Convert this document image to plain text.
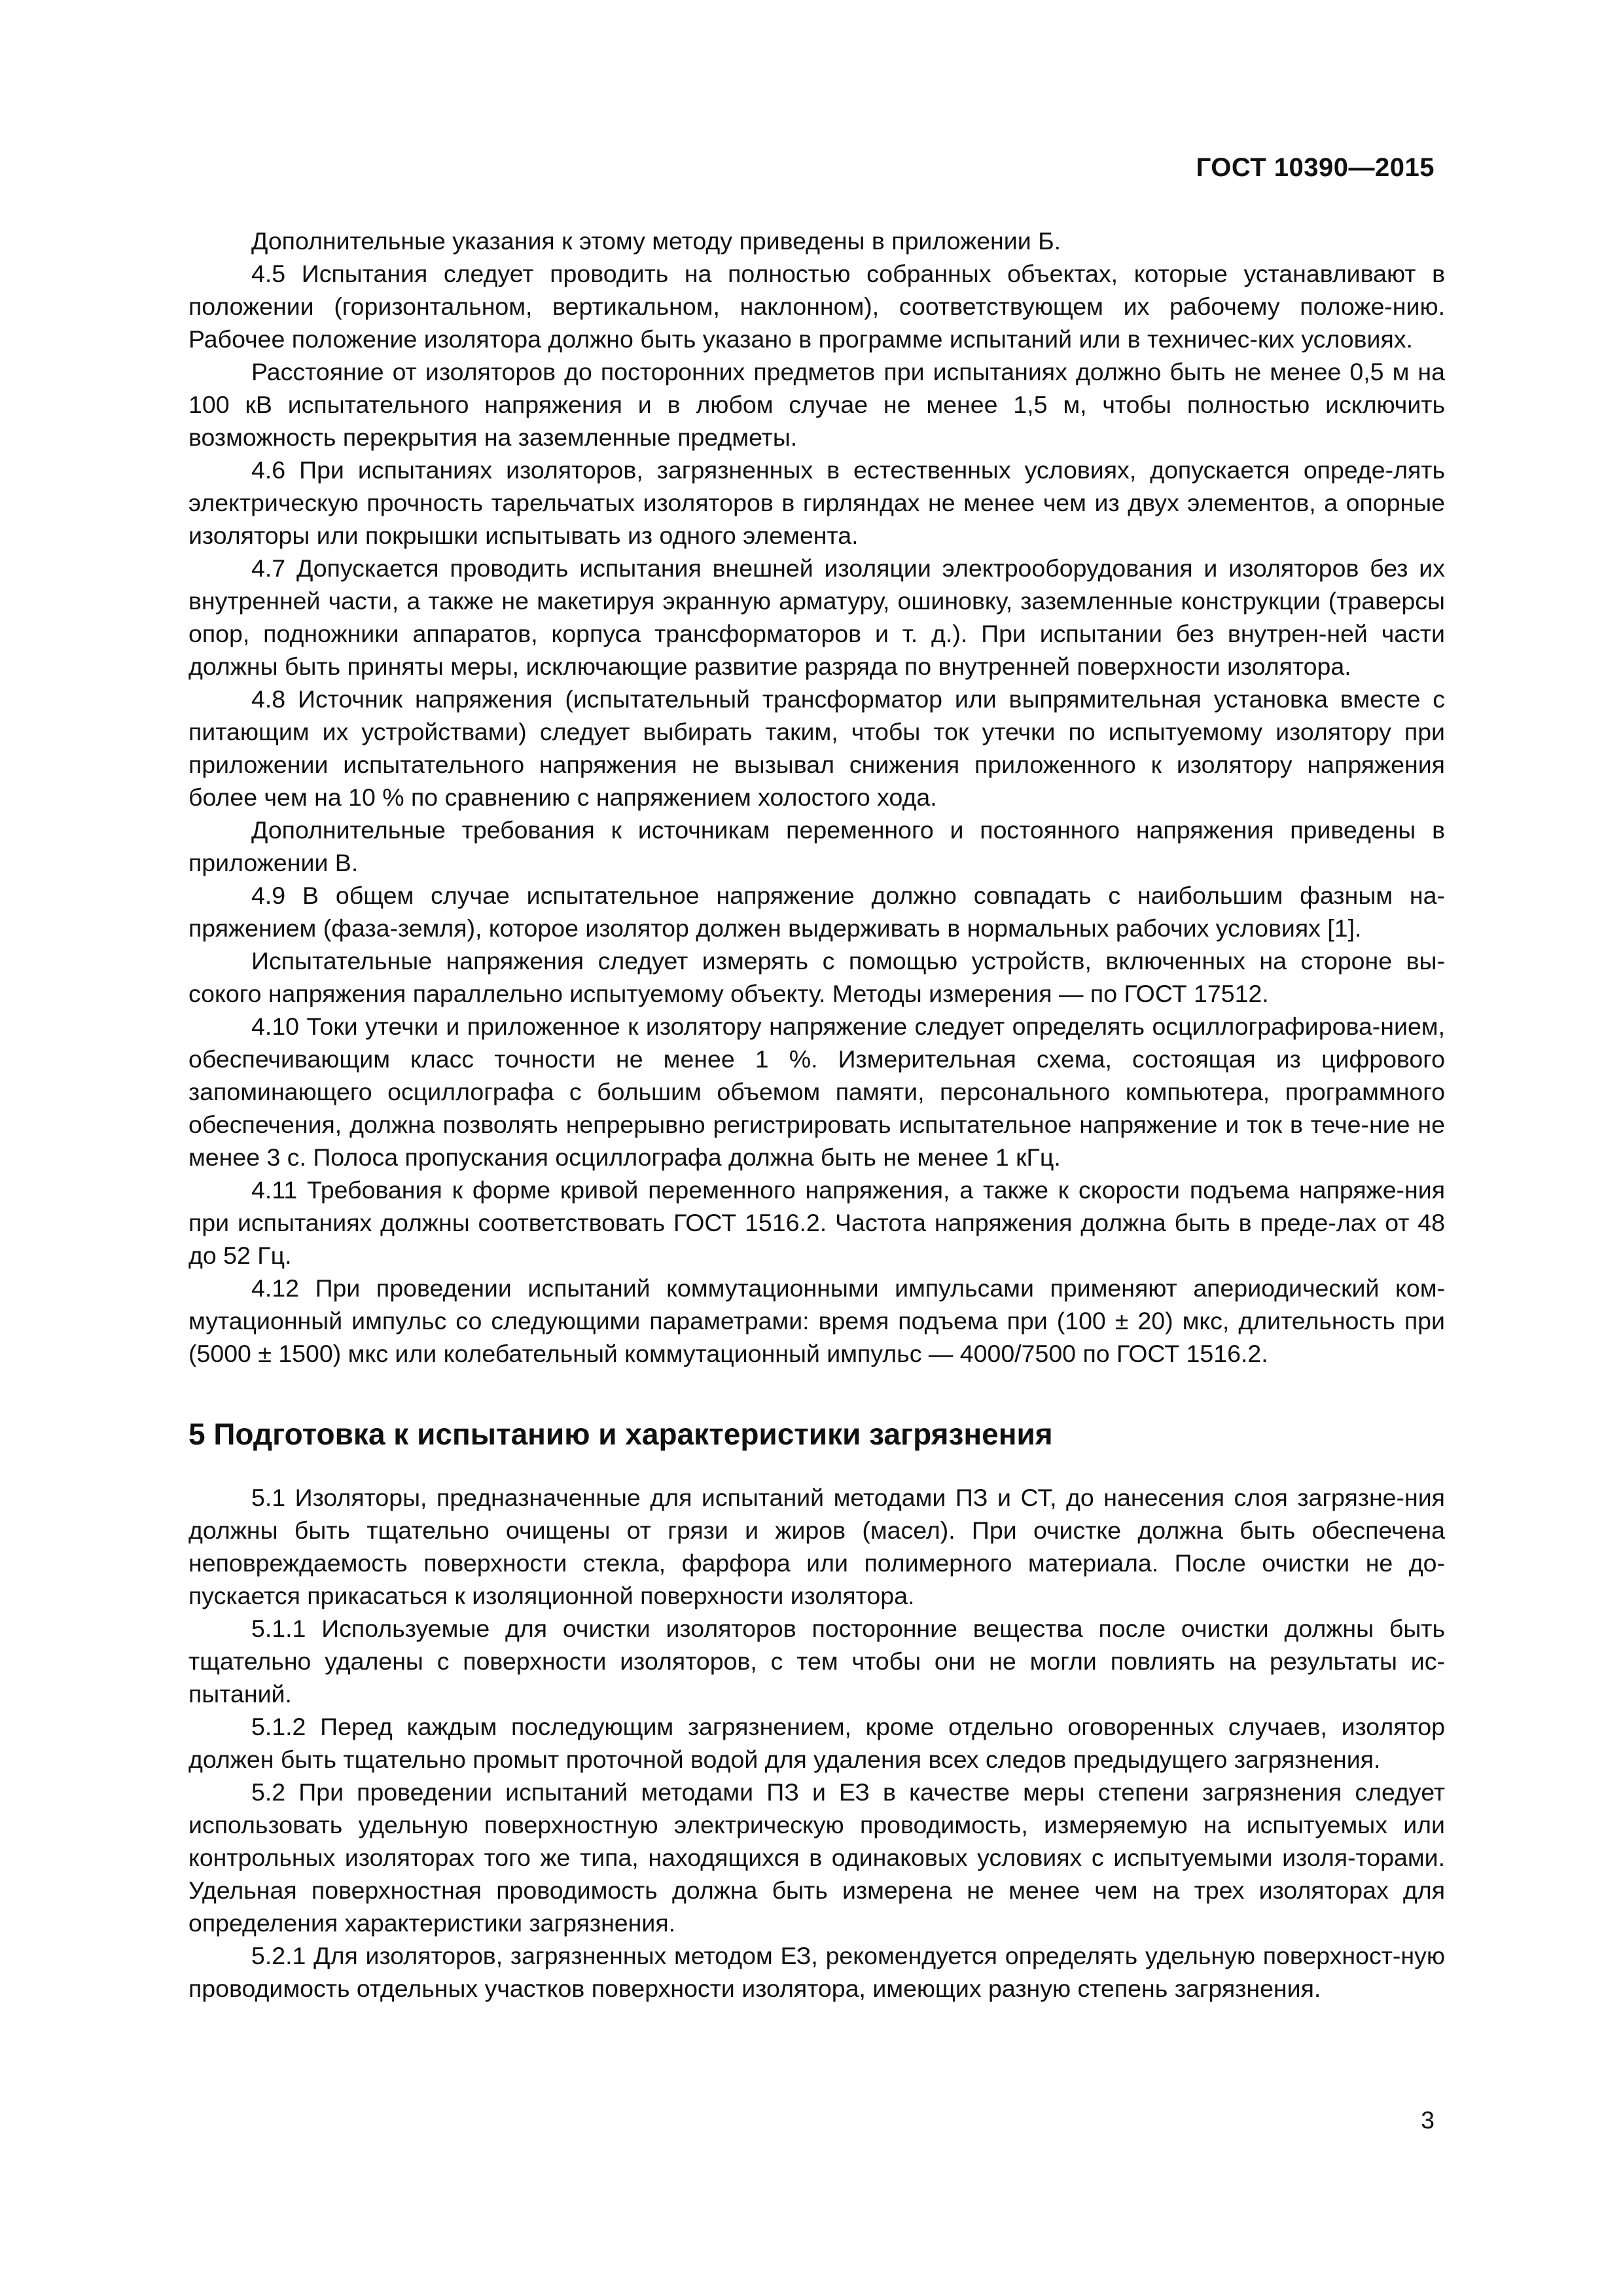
ГОСТ 10390—2015

Дополнительные указания к этому методу приведены в приложении Б.

4.5 Испытания следует проводить на полностью собранных объектах, которые устанавливают в положении (горизонтальном, вертикальном, наклонном), соответствующем их рабочему положе-нию. Рабочее положение изолятора должно быть указано в программе испытаний или в техничес-ких условиях.

Расстояние от изоляторов до посторонних предметов при испытаниях должно быть не менее 0,5 м на 100 кВ испытательного напряжения и в любом случае не менее 1,5 м, чтобы полностью исключить возможность перекрытия на заземленные предметы.

4.6 При испытаниях изоляторов, загрязненных в естественных условиях, допускается опреде-лять электрическую прочность тарельчатых изоляторов в гирляндах не менее чем из двух элементов, а опорные изоляторы или покрышки испытывать из одного элемента.

4.7 Допускается проводить испытания внешней изоляции электрооборудования и изоляторов без их внутренней части, а также не макетируя экранную арматуру, ошиновку, заземленные конструкции (траверсы опор, подножники аппаратов, корпуса трансформаторов и т. д.). При испытании без внутрен-ней части должны быть приняты меры, исключающие развитие разряда по внутренней поверхности изолятора.

4.8 Источник напряжения (испытательный трансформатор или выпрямительная установка вместе с питающим их устройствами) следует выбирать таким, чтобы ток утечки по испытуемому изолятору при приложении испытательного напряжения не вызывал снижения приложенного к изолятору напряжения более чем на 10 % по сравнению с напряжением холостого хода.

Дополнительные требования к источникам переменного и постоянного напряжения приведены в приложении В.

4.9 В общем случае испытательное напряжение должно совпадать с наибольшим фазным на-пряжением (фаза-земля), которое изолятор должен выдерживать в нормальных рабочих условиях [1].

Испытательные напряжения следует измерять с помощью устройств, включенных на стороне вы-сокого напряжения параллельно испытуемому объекту. Методы измерения — по ГОСТ 17512.

4.10 Токи утечки и приложенное к изолятору напряжение следует определять осциллографирова-нием, обеспечивающим класс точности не менее 1 %. Измерительная схема, состоящая из цифрового запоминающего осциллографа с большим объемом памяти, персонального компьютера, программного обеспечения, должна позволять непрерывно регистрировать испытательное напряжение и ток в тече-ние не менее 3 с. Полоса пропускания осциллографа должна быть не менее 1 кГц.

4.11 Требования к форме кривой переменного напряжения, а также к скорости подъема напряже-ния при испытаниях должны соответствовать ГОСТ 1516.2. Частота напряжения должна быть в преде-лах от 48 до 52 Гц.

4.12 При проведении испытаний коммутационными импульсами применяют апериодический ком-мутационный импульс со следующими параметрами: время подъема при (100 ± 20) мкс, длительность при (5000 ± 1500) мкс или колебательный коммутационный импульс — 4000/7500 по ГОСТ 1516.2.

5 Подготовка к испытанию и характеристики загрязнения

5.1 Изоляторы, предназначенные для испытаний методами ПЗ и СТ, до нанесения слоя загрязне-ния должны быть тщательно очищены от грязи и жиров (масел). При очистке должна быть обеспечена неповреждаемость поверхности стекла, фарфора или полимерного материала. После очистки не до-пускается прикасаться к изоляционной поверхности изолятора.

5.1.1 Используемые для очистки изоляторов посторонние вещества после очистки должны быть тщательно удалены с поверхности изоляторов, с тем чтобы они не могли повлиять на результаты ис-пытаний.

5.1.2 Перед каждым последующим загрязнением, кроме отдельно оговоренных случаев, изолятор должен быть тщательно промыт проточной водой для удаления всех следов предыдущего загрязнения.

5.2 При проведении испытаний методами ПЗ и ЕЗ в качестве меры степени загрязнения следует использовать удельную поверхностную электрическую проводимость, измеряемую на испытуемых или контрольных изоляторах того же типа, находящихся в одинаковых условиях с испытуемыми изоля-торами. Удельная поверхностная проводимость должна быть измерена не менее чем на трех изоляторах для определения характеристики загрязнения.

5.2.1 Для изоляторов, загрязненных методом ЕЗ, рекомендуется определять удельную поверхност-ную проводимость отдельных участков поверхности изолятора, имеющих разную степень загрязнения.

3
